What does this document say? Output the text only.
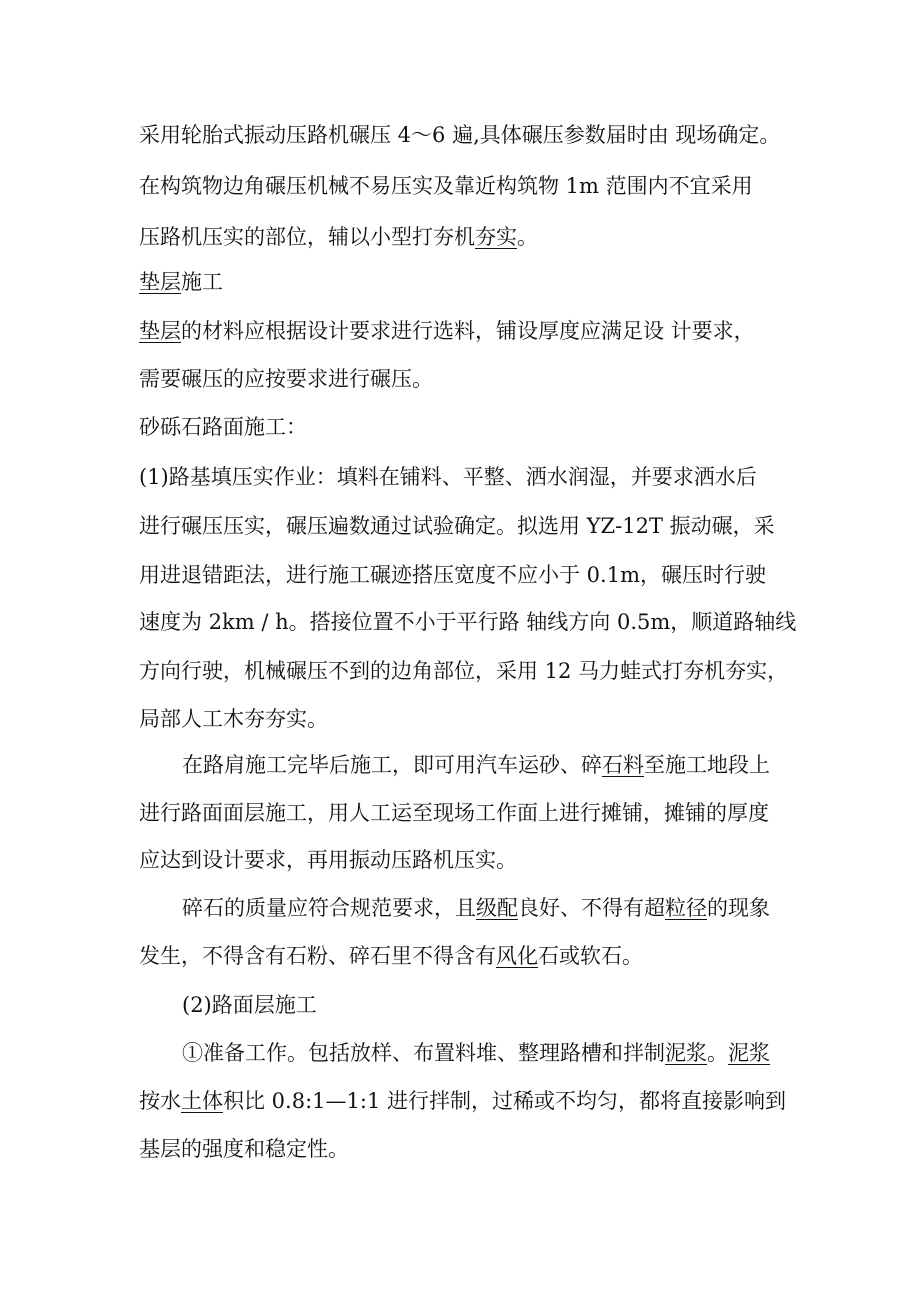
采用轮胎式振动压路机碾压 4～6 遍,具体碾压参数届时由 现场确定。
在构筑物边角碾压机械不易压实及靠近构筑物 1m 范围内不宜采用
压路机压实的部位，辅以小型打夯机夯实。
垫层施工
垫层的材料应根据设计要求进行选料，铺设厚度应满足设 计要求，
需要碾压的应按要求进行碾压。
砂砾石路面施工：
(1)路基填压实作业：填料在铺料、平整、洒水润湿，并要求洒水后
进行碾压压实，碾压遍数通过试验确定。拟选用 YZ-12T 振动碾，采
用进退错距法，进行施工碾迹搭压宽度不应小于 0.1m，碾压时行驶
速度为 2km / h。搭接位置不小于平行路 轴线方向 0.5m，顺道路轴线
方向行驶，机械碾压不到的边角部位，采用 12 马力蛙式打夯机夯实，
局部人工木夯夯实。
在路肩施工完毕后施工，即可用汽车运砂、碎石料至施工地段上
进行路面面层施工，用人工运至现场工作面上进行摊铺，摊铺的厚度
应达到设计要求，再用振动压路机压实。
碎石的质量应符合规范要求，且级配良好、不得有超粒径的现象
发生，不得含有石粉、碎石里不得含有风化石或软石。
(2)路面层施工
①准备工作。包括放样、布置料堆、整理路槽和拌制泥浆。泥浆
按水土体积比 0.8:1—1:1 进行拌制，过稀或不均匀，都将直接影响到
基层的强度和稳定性。
